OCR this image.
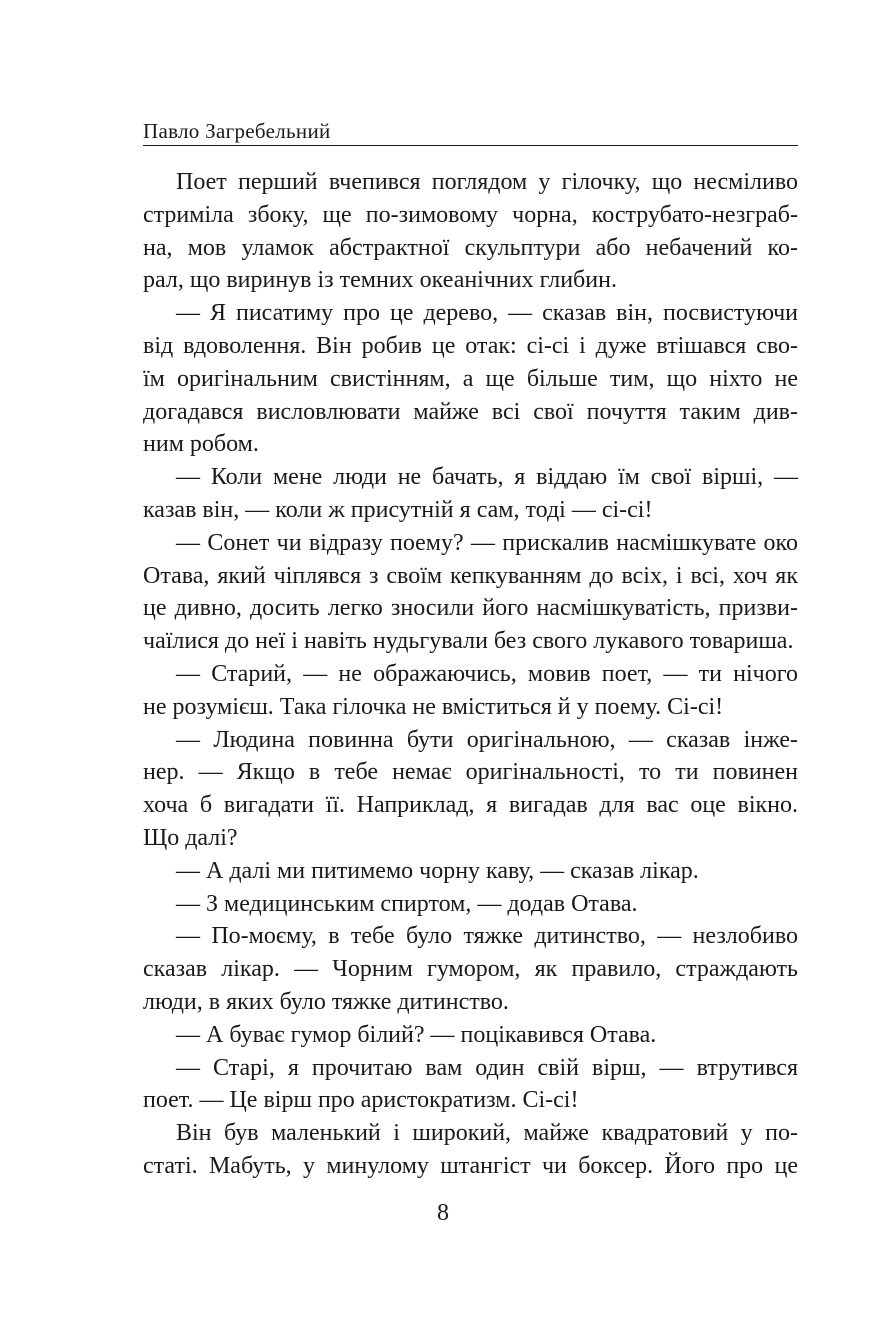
Павло Загребельний
Поет перший вчепився поглядом у гілочку, що несміливо
стриміла збоку, ще по-зимовому чорна, кострубато-незграб-
на, мов уламок абстрактної скульптури або небачений ко-
рал, що виринув із темних океанічних глибин.
— Я писатиму про це дерево, — сказав він, посвистуючи
від вдоволення. Він робив це отак: сі-сі і дуже втішався сво-
їм оригінальним свистінням, а ще більше тим, що ніхто не
догадався висловлювати майже всі свої почуття таким див-
ним робом.
— Коли мене люди не бачать, я віддаю їм свої вірші, —
казав він, — коли ж присутній я сам, тоді — сі-сі!
— Сонет чи відразу поему? — прискалив насмішкувате око
Отава, який чіплявся з своїм кепкуванням до всіх, і всі, хоч як
це дивно, досить легко зносили його насмішкуватість, призви-
чаїлися до неї і навіть нудьгували без свого лукавого товариша.
— Старий, — не ображаючись, мовив поет, — ти нічого
не розумієш. Така гілочка не вміститься й у поему. Сі-сі!
— Людина повинна бути оригінальною, — сказав інже-
нер. — Якщо в тебе немає оригінальності, то ти повинен
хоча б вигадати її. Наприклад, я вигадав для вас оце вікно.
Що далі?
— А далі ми питимемо чорну каву, — сказав лікар.
— З медицинським спиртом, — додав Отава.
— По-моєму, в тебе було тяжке дитинство, — незлобиво
сказав лікар. — Чорним гумором, як правило, страждають
люди, в яких було тяжке дитинство.
— А буває гумор білий? — поцікавився Отава.
— Старі, я прочитаю вам один свій вірш, — втрутився
поет. — Це вірш про аристократизм. Сі-сі!
Він був маленький і широкий, майже квадратовий у по-
статі. Мабуть, у минулому штангіст чи боксер. Його про це
8
